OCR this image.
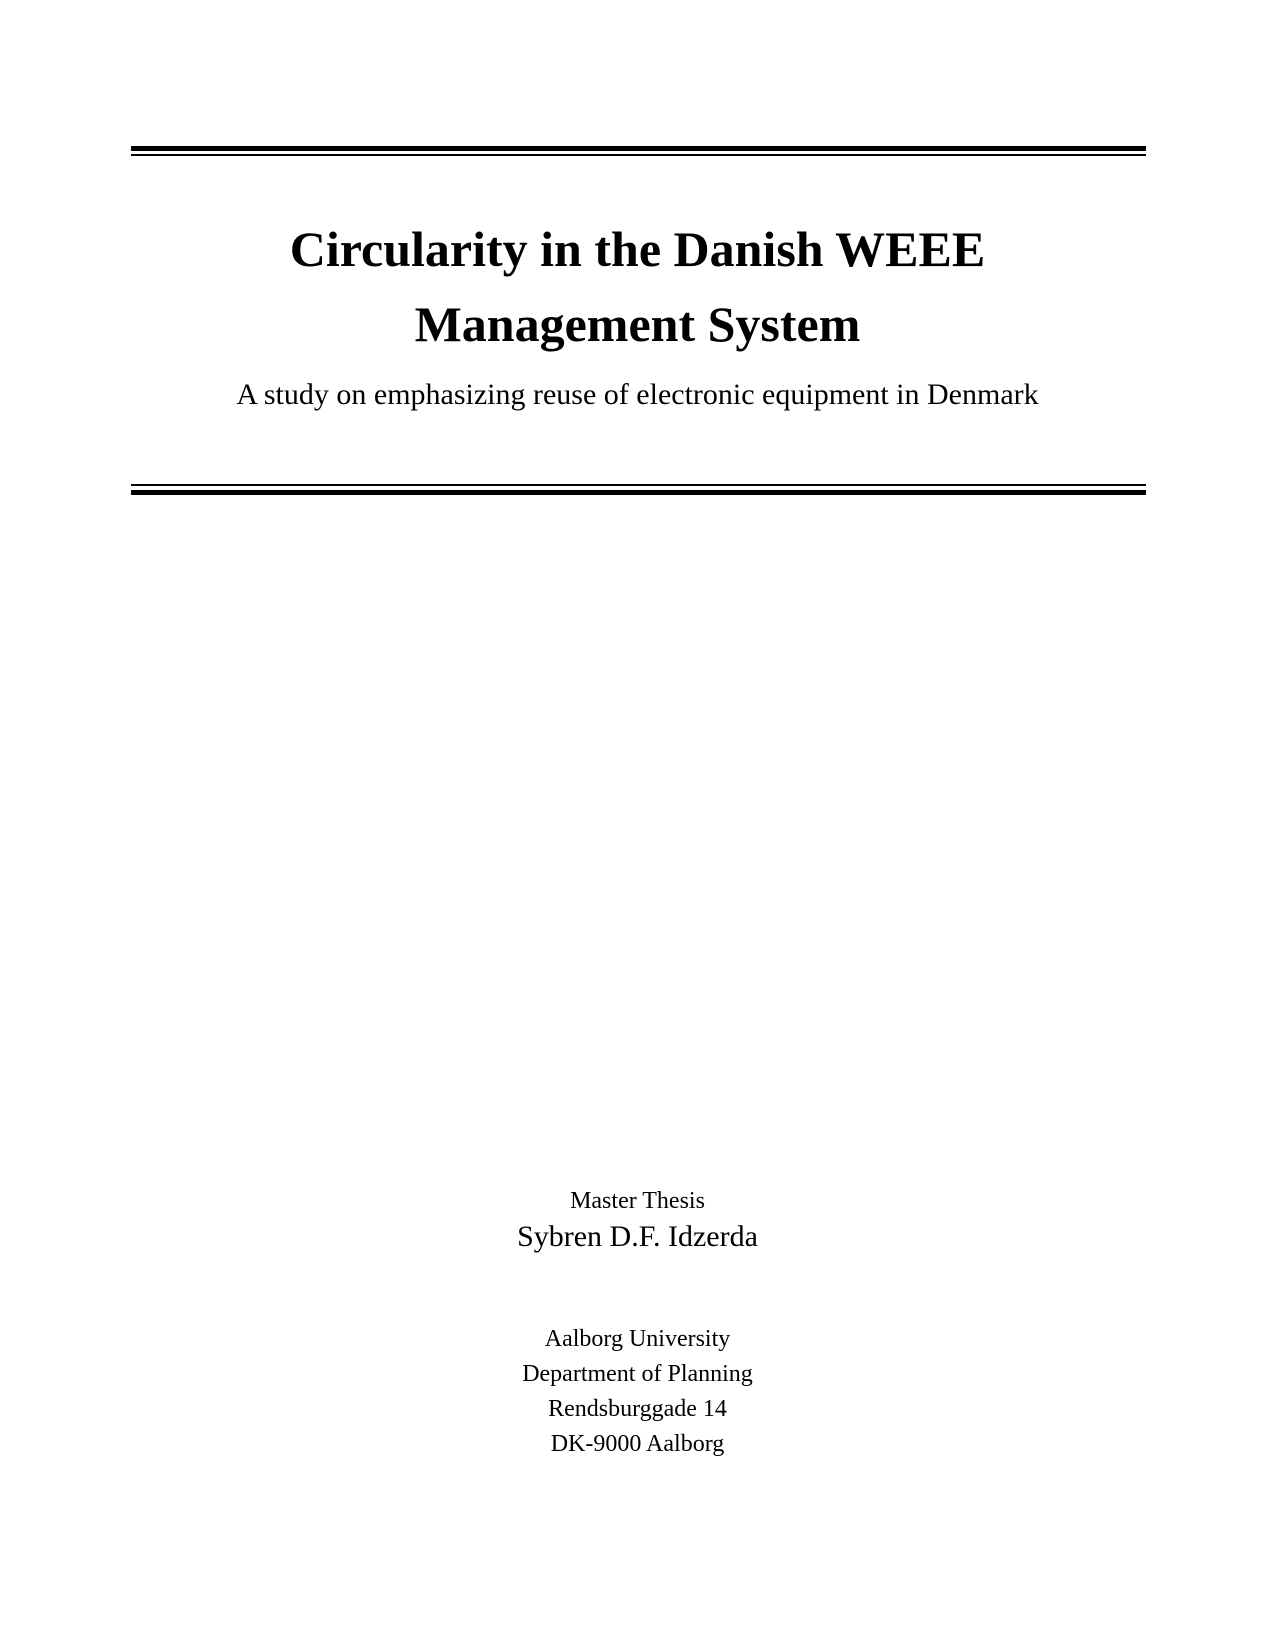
Circularity in the Danish WEEE
Management System
A study on emphasizing reuse of electronic equipment in Denmark
Master Thesis
Sybren D.F. Idzerda
Aalborg University
Department of Planning
Rendsburggade 14
DK-9000 Aalborg
